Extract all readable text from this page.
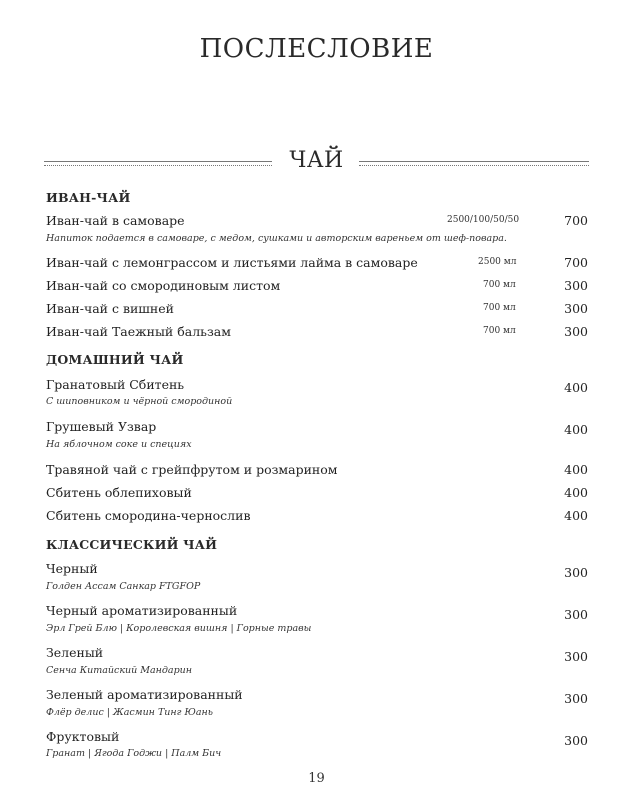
ПОСЛЕСЛОВИЕ
ЧАЙ
ИВАН-ЧАЙ
Иван-чай в самоваре	2500/100/50/50	700
Напиток подается в самоваре, с медом, сушками и авторским вареньем от шеф-повара.
Иван-чай с лемонграссом и листьями лайма в самоваре	2500 мл	700
Иван-чай со смородиновым листом	700 мл	300
Иван-чай с вишней	700 мл	300
Иван-чай Таежный бальзам	700 мл	300
ДОМАШНИЙ ЧАЙ
Гранатовый Сбитень	400
С шиповником и чёрной смородиной
Грушевый Узвар	400
На яблочном соке и специях
Травяной чай с грейпфрутом и розмарином	400
Сбитень облепиховый	400
Сбитень смородина-чернослив	400
КЛАССИЧЕСКИЙ ЧАЙ
Черный	300
Голден Ассам Санкар FTGFOP
Черный ароматизированный	300
Эрл Грей Блю | Королевская вишня | Горные травы
Зеленый	300
Сенча Китайский Мандарин
Зеленый ароматизированный	300
Флёр делис | Жасмин Тинг Юань
Фруктовый	300
Гранат | Ягода Годжи | Палм Бич
19
